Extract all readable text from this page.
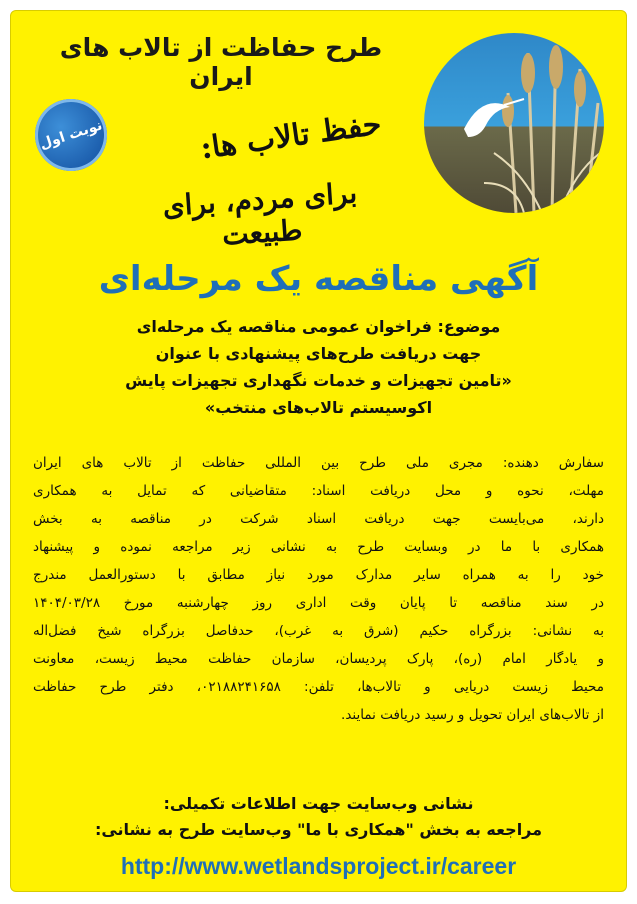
طرح حفاظت از تالاب های ایران
نوبت اول	حفظ تالاب ها:
برای مردم، برای طبیعت
آگهی مناقصه یک مرحله‌ای
موضوع: فراخوان عمومی مناقصه یک مرحله‌ای
جهت دریافت طرح‌های پیشنهادی با عنوان
«تامین تجهیزات و خدمات نگهداری تجهیزات پایش
اکوسیستم تالاب‌های منتخب»
سفارش دهنده: مجری ملی طرح بین المللی حفاظت از تالاب های ایران
مهلت، نحوه و محل دریافت اسناد: متقاضیانی که تمایل به همکاری
دارند، می‌بایست جهت دریافت اسناد شرکت در مناقصه به بخش
همکاری با ما در وبسایت طرح به نشانی زیر مراجعه نموده و پیشنهاد
خود را به همراه سایر مدارک مورد نیاز مطابق با دستورالعمل مندرج
در سند مناقصه تا پایان وقت اداری روز چهارشنبه مورخ ۱۴۰۴/۰۳/۲۸
به نشانی: بزرگراه حکیم (شرق به غرب)، حدفاصل بزرگراه شیخ فضل‌اله
و یادگار امام (ره)، پارک پردیسان، سازمان حفاظت محیط زیست، معاونت
محیط زیست دریایی و تالاب‌ها، تلفن: ۰۲۱۸۸۲۴۱۶۵۸، دفتر طرح حفاظت
از تالاب‌های ایران تحویل و رسید دریافت نمایند.
نشانی وب‌سایت جهت اطلاعات تکمیلی:
مراجعه به بخش "همکاری با ما" وب‌سایت طرح به نشانی:
http://www.wetlandsproject.ir/career
